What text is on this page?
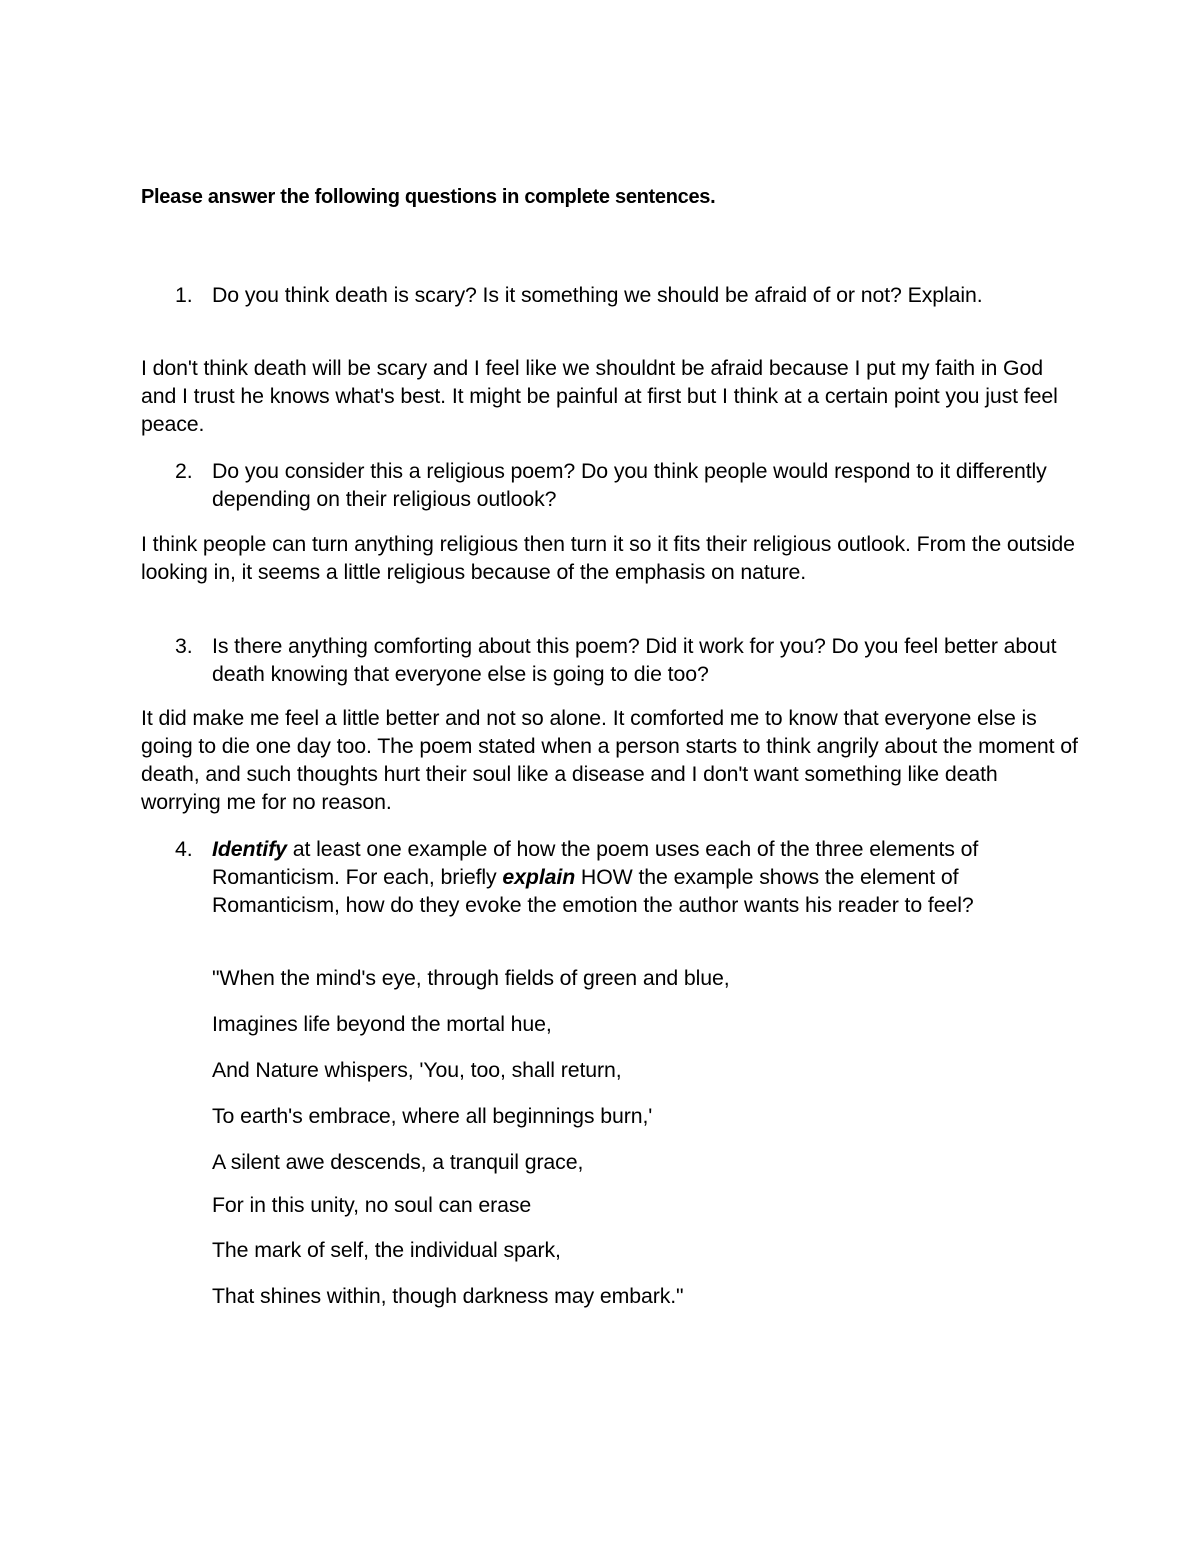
Please answer the following questions in complete sentences.
1. Do you think death is scary? Is it something we should be afraid of or not? Explain.
I don't think death will be scary and I feel like we shouldnt be afraid because I put my faith in God and I trust he knows what's best. It might be painful at first but I think at a certain point you just feel peace.
2. Do you consider this a religious poem? Do you think people would respond to it differently depending on their religious outlook?
I think people can turn anything religious then turn it so it fits their religious outlook. From the outside looking in, it seems a little religious because of the emphasis on nature.
3. Is there anything comforting about this poem? Did it work for you? Do you feel better about death knowing that everyone else is going to die too?
It did make me feel a little better and not so alone. It comforted me to know that everyone else is going to die one day too. The poem stated when a person starts to think angrily about the moment of death, and such thoughts hurt their soul like a disease and I don't want something like death worrying me for no reason.
4. Identify at least one example of how the poem uses each of the three elements of Romanticism. For each, briefly explain HOW the example shows the element of Romanticism, how do they evoke the emotion the author wants his reader to feel?
"When the mind's eye, through fields of green and blue,
Imagines life beyond the mortal hue,
And Nature whispers, 'You, too, shall return,
To earth's embrace, where all beginnings burn,'
A silent awe descends, a tranquil grace,
For in this unity, no soul can erase
The mark of self, the individual spark,
That shines within, though darkness may embark."
